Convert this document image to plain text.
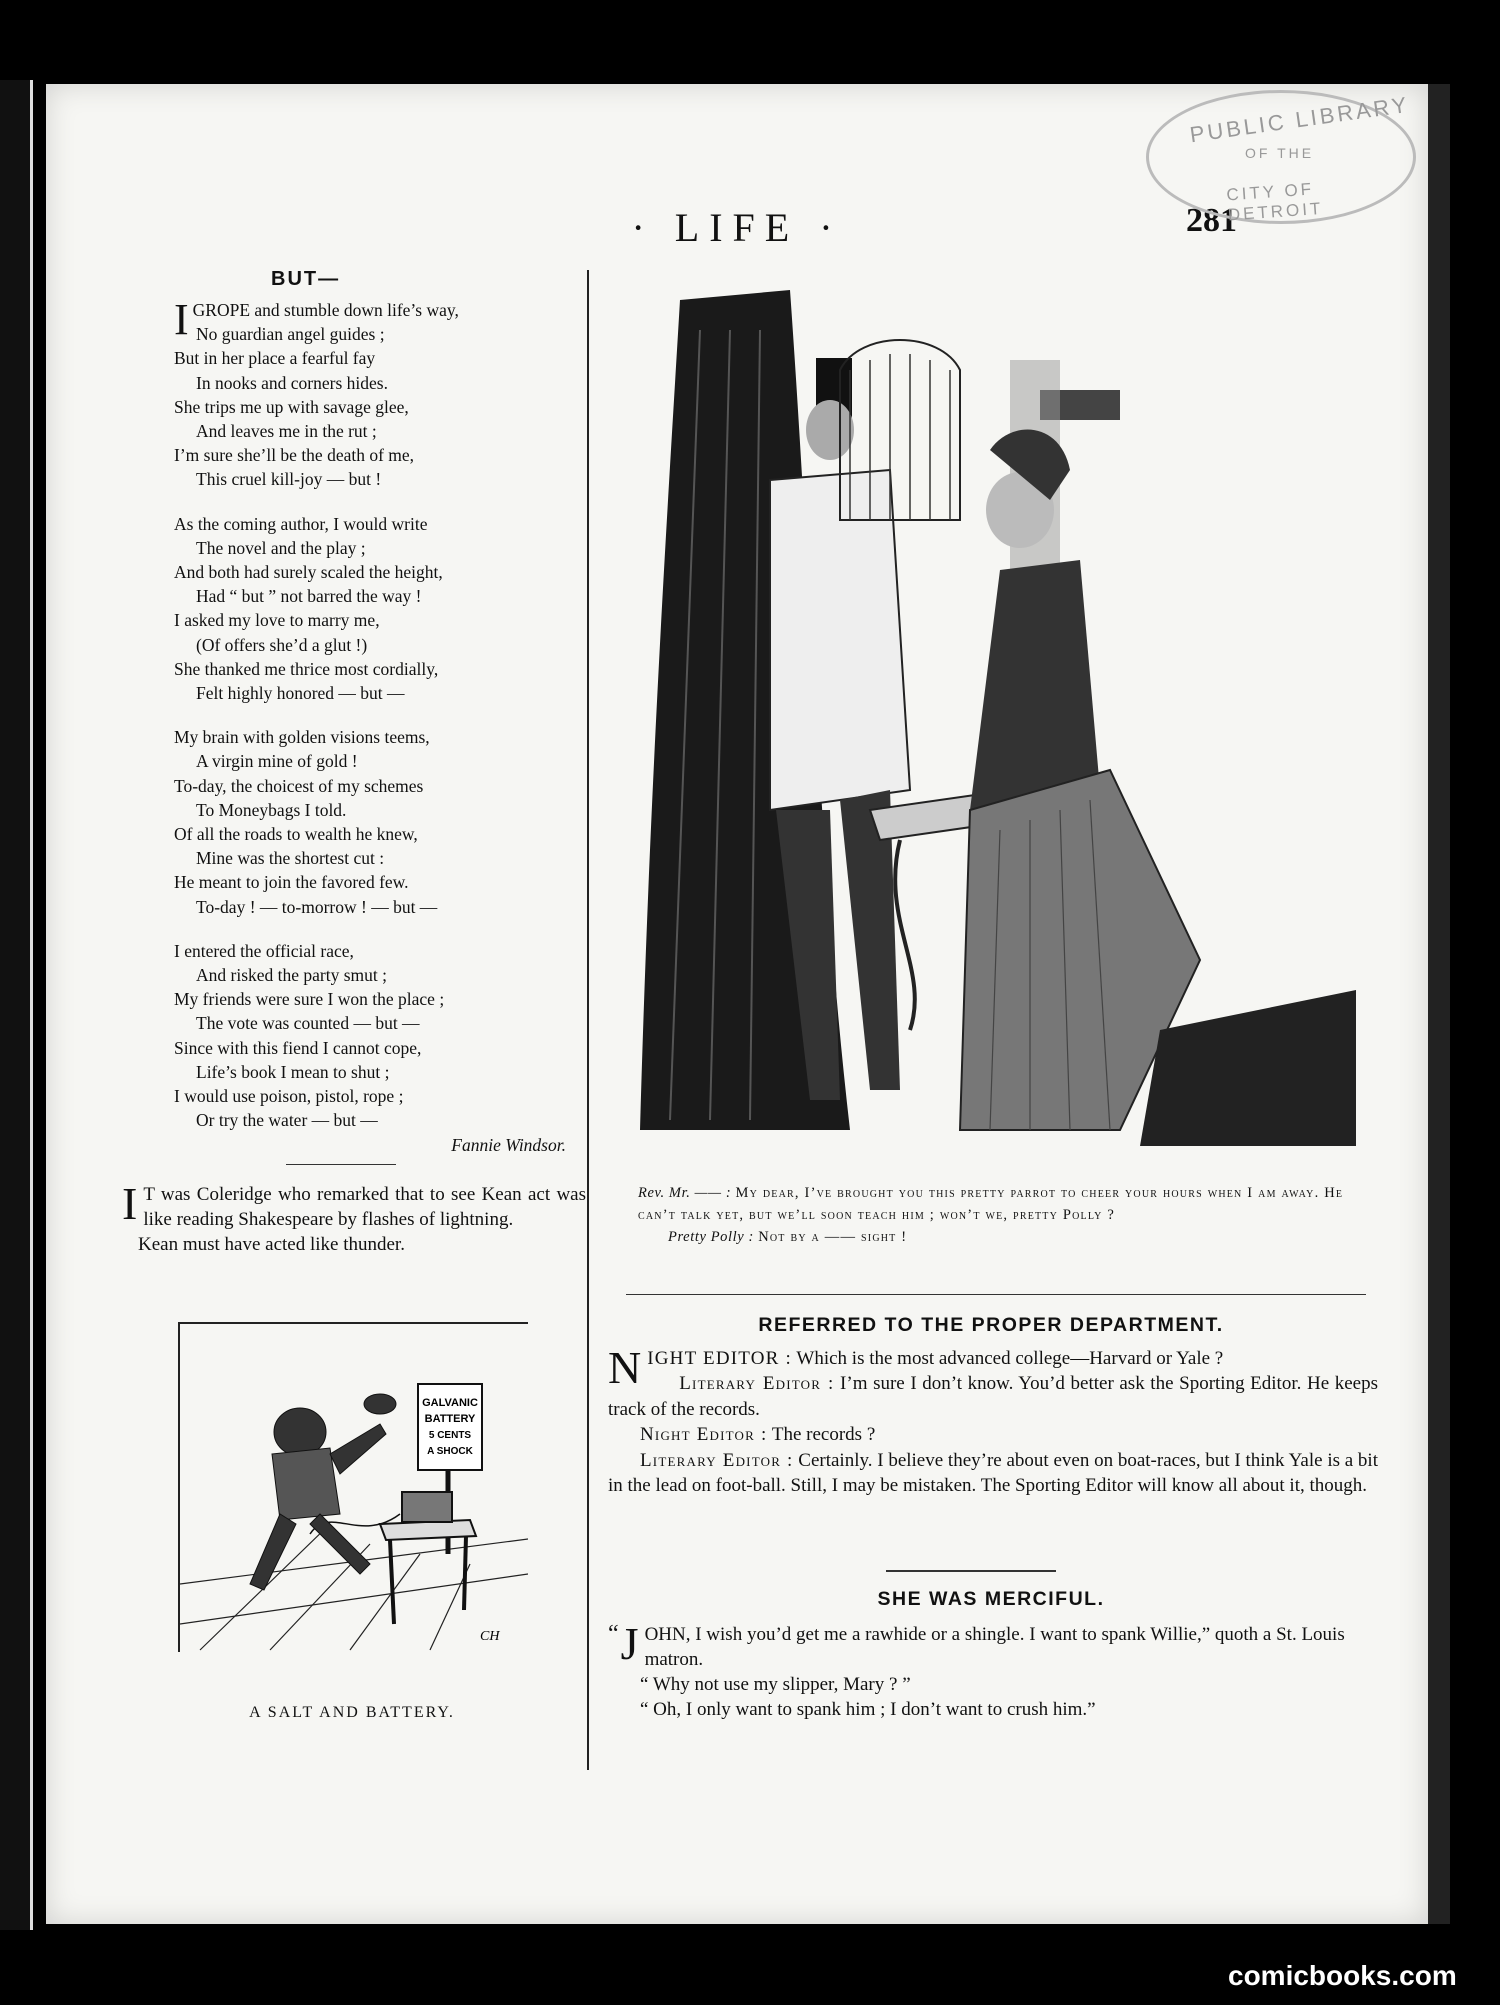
· LIFE ·	281
PUBLIC LIBRARY
OF THE
CITY OF DETROIT
BUT—
I GROPE and stumble down life’s way,
No guardian angel guides ;
But in her place a fearful fay
In nooks and corners hides.
She trips me up with savage glee,
And leaves me in the rut ;
I’m sure she’ll be the death of me,
This cruel kill-joy — but !
As the coming author, I would write
The novel and the play ;
And both had surely scaled the height,
Had “ but ” not barred the way !
I asked my love to marry me,
(Of offers she’d a glut !)
She thanked me thrice most cordially,
Felt highly honored — but —
My brain with golden visions teems,
A virgin mine of gold !
To-day, the choicest of my schemes
To Moneybags I told.
Of all the roads to wealth he knew,
Mine was the shortest cut :
He meant to join the favored few.
To-day ! — to-morrow ! — but —
I entered the official race,
And risked the party smut ;
My friends were sure I won the place ;
The vote was counted — but —
Since with this fiend I cannot cope,
Life’s book I mean to shut ;
I would use poison, pistol, rope ;
Or try the water — but —
Fannie Windsor.

I T was Coleridge who remarked that to see Kean act was like reading Shakespeare by flashes of lightning.

Kean must have acted like thunder.

GALVANIC
BATTERY
5 CENTS
A SHOCK
CH
A SALT AND BATTERY.

Rev. Mr. —— : My dear, I’ve brought you this pretty parrot to cheer your hours when I am away. He can’t talk yet, but we’ll soon teach him ; won’t we, pretty Polly ?

Pretty Polly : Not by a —— sight !

REFERRED TO THE PROPER DEPARTMENT.

NIGHT EDITOR : Which is the most advanced college—Harvard or Yale ?

Literary Editor : I’m sure I don’t know. You’d better ask the Sporting Editor. He keeps track of the records.

Night Editor : The records ?

Literary Editor : Certainly. I believe they’re about even on boat-races, but I think Yale is a bit in the lead on foot-ball. Still, I may be mistaken. The Sporting Editor will know all about it, though.

SHE WAS MERCIFUL.

“ J OHN, I wish you’d get me a rawhide or a shingle. I want to spank Willie,” quoth a St. Louis matron.

“ Why not use my slipper, Mary ? ”

“ Oh, I only want to spank him ; I don’t want to crush him.”

comicbooks.com
